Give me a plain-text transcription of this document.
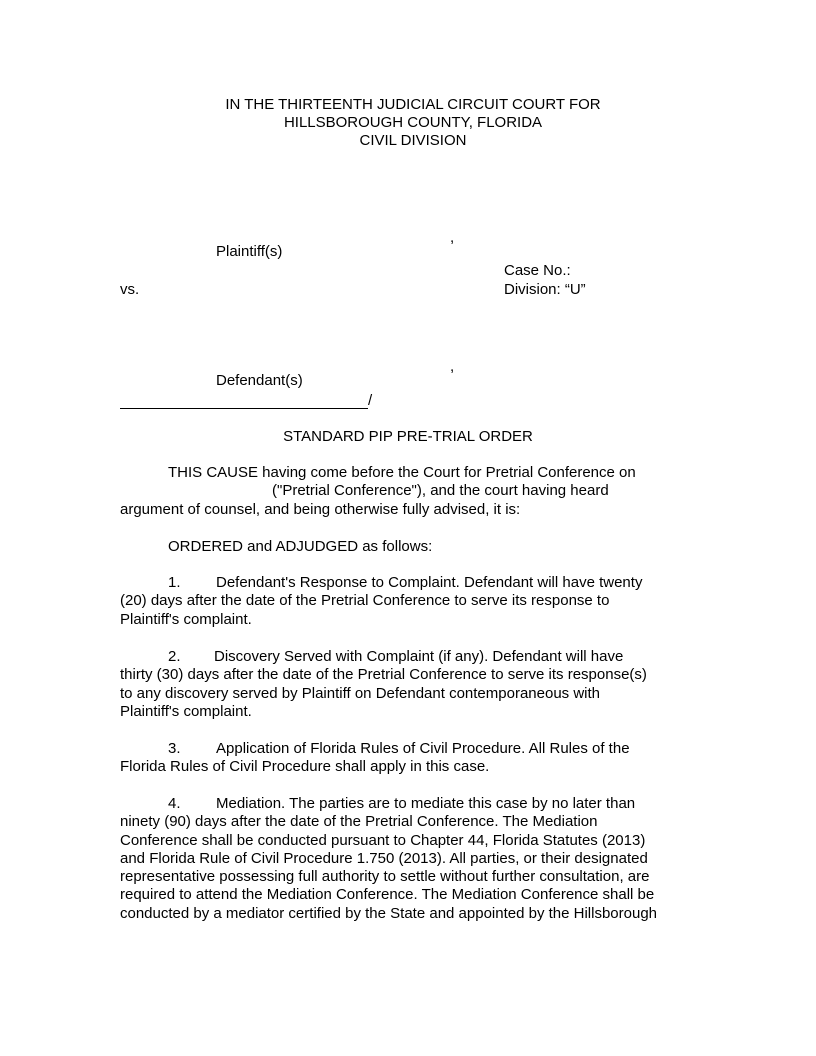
IN THE THIRTEENTH JUDICIAL CIRCUIT COURT FOR
HILLSBOROUGH COUNTY, FLORIDA
CIVIL DIVISION
,
Plaintiff(s)
Case No.:
vs.	Division: “U”
,
Defendant(s)
/
STANDARD PIP PRE-TRIAL ORDER
THIS CAUSE having come before the Court for Pretrial Conference on
("Pretrial Conference"), and the court having heard
argument of counsel, and being otherwise fully advised, it is:
ORDERED and ADJUDGED as follows:
1. Defendant's Response to Complaint. Defendant will have twenty
(20) days after the date of the Pretrial Conference to serve its response to
Plaintiff's complaint.
2. Discovery Served with Complaint (if any). Defendant will have
thirty (30) days after the date of the Pretrial Conference to serve its response(s)
to any discovery served by Plaintiff on Defendant contemporaneous with
Plaintiff's complaint.
3. Application of Florida Rules of Civil Procedure. All Rules of the
Florida Rules of Civil Procedure shall apply in this case.
4. Mediation. The parties are to mediate this case by no later than
ninety (90) days after the date of the Pretrial Conference. The Mediation
Conference shall be conducted pursuant to Chapter 44, Florida Statutes (2013)
and Florida Rule of Civil Procedure 1.750 (2013). All parties, or their designated
representative possessing full authority to settle without further consultation, are
required to attend the Mediation Conference. The Mediation Conference shall be
conducted by a mediator certified by the State and appointed by the Hillsborough
